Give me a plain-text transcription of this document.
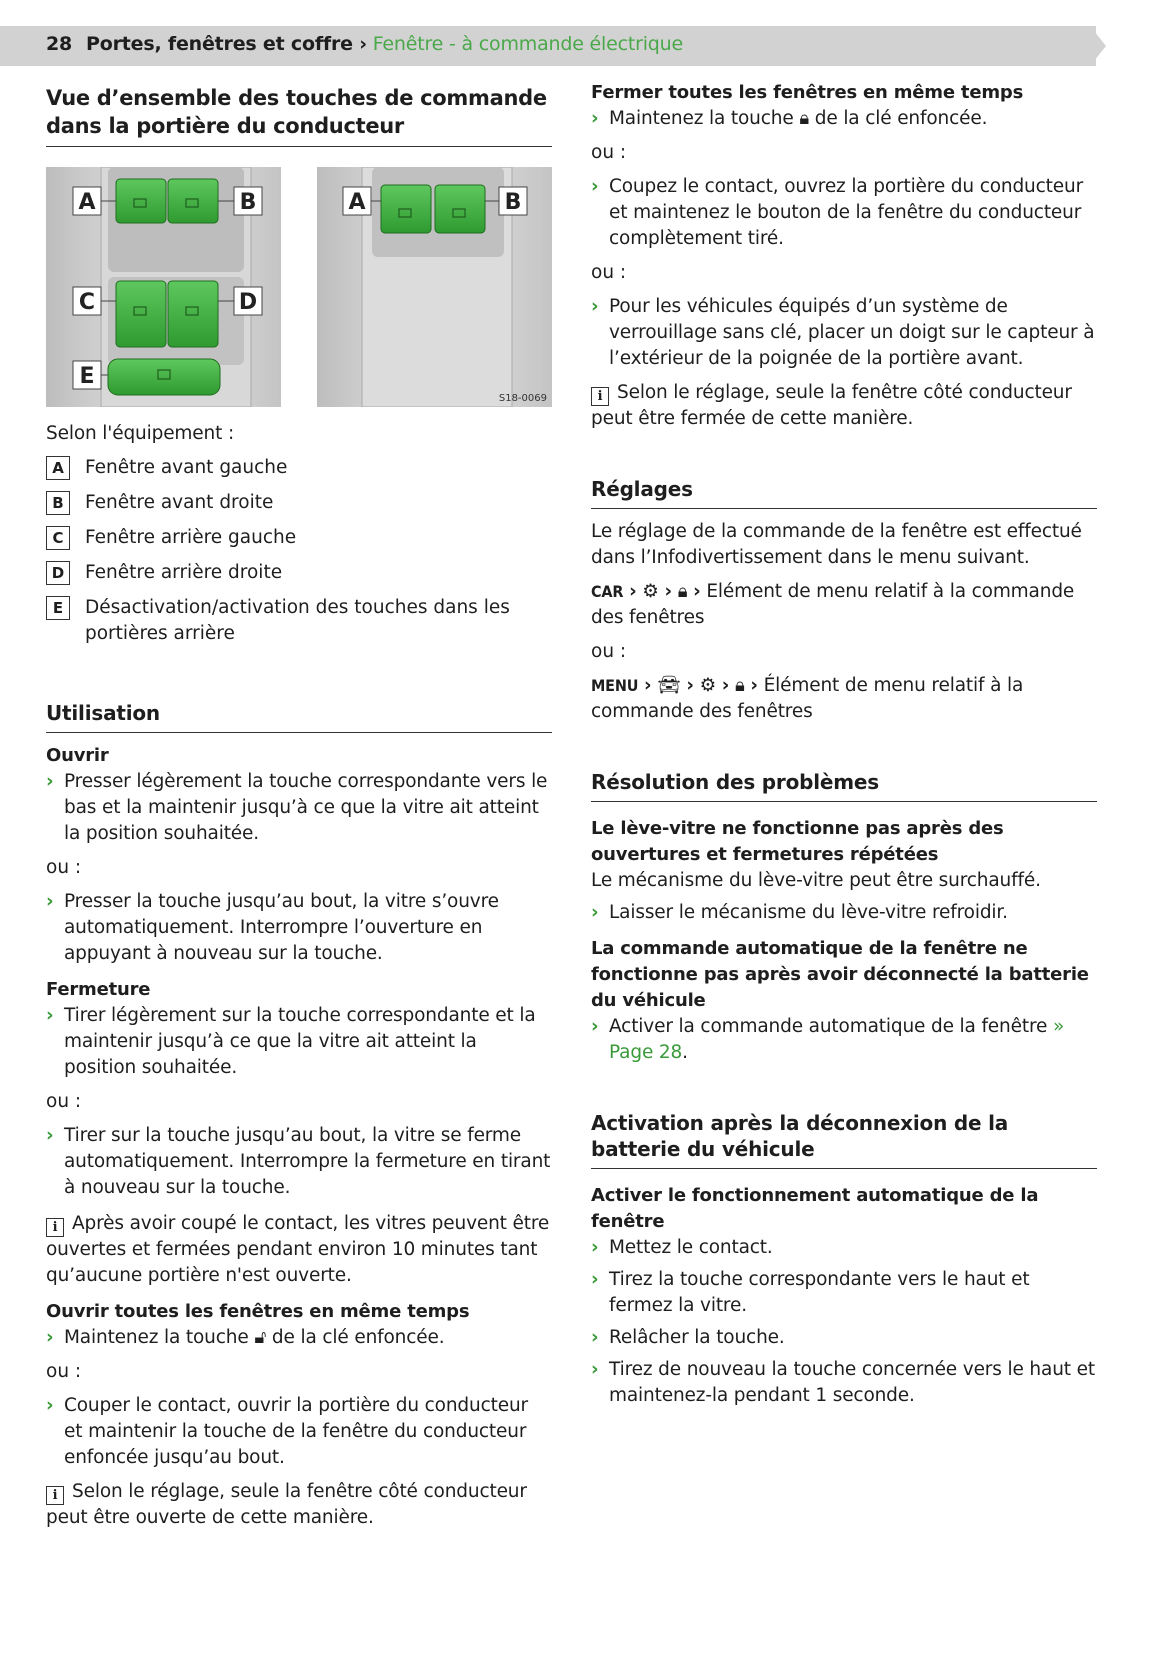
28 Portes, fenêtres et coffre › Fenêtre - à commande électrique
Vue d’ensemble des touches de commande dans la portière du conducteur
A	B
C	D
E
A	B
S18-0069

Selon l'équipement :

A	Fenêtre avant gauche
B	Fenêtre avant droite
C	Fenêtre arrière gauche
D	Fenêtre arrière droite
E	Désactivation/activation des touches dans les portières arrière
Utilisation
Ouvrir
› Presser légèrement la touche correspondante vers le bas et la maintenir jusqu’à ce que la vitre ait atteint la position souhaitée.
ou :
› Presser la touche jusqu’au bout, la vitre s’ouvre automatiquement. Interrompre l’ouverture en appuyant à nouveau sur la touche.
Fermeture
› Tirer légèrement sur la touche correspondante et la maintenir jusqu’à ce que la vitre ait atteint la position souhaitée.
ou :
› Tirer sur la touche jusqu’au bout, la vitre se ferme automatiquement. Interrompre la fermeture en tirant à nouveau sur la touche.
i Après avoir coupé le contact, les vitres peuvent être ouvertes et fermées pendant environ 10 minutes tant qu’aucune portière n'est ouverte.
Ouvrir toutes les fenêtres en même temps
› Maintenez la touche 🔓︎ de la clé enfoncée.
ou :
› Couper le contact, ouvrir la portière du conducteur et maintenir la touche de la fenêtre du conducteur enfoncée jusqu’au bout.
i Selon le réglage, seule la fenêtre côté conducteur peut être ouverte de cette manière.
Fermer toutes les fenêtres en même temps
› Maintenez la touche 🔒︎ de la clé enfoncée.
ou :
› Coupez le contact, ouvrez la portière du conducteur et maintenez le bouton de la fenêtre du conducteur complètement tiré.
ou :
› Pour les véhicules équipés d’un système de verrouillage sans clé, placer un doigt sur le capteur à l’extérieur de la poignée de la portière avant.
i Selon le réglage, seule la fenêtre côté conducteur peut être fermée de cette manière.
Réglages

Le réglage de la commande de la fenêtre est effectué dans l’Infodivertissement dans le menu suivant.

CAR › ⚙ › 🔒︎ › Elément de menu relatif à la commande des fenêtres

ou :

MENU › 🚘︎ › ⚙ › 🔒︎ › Élément de menu relatif à la commande des fenêtres

Résolution des problèmes
Le lève-vitre ne fonctionne pas après des ouvertures et fermetures répétées

Le mécanisme du lève-vitre peut être surchauffé.

› Laisser le mécanisme du lève-vitre refroidir.
La commande automatique de la fenêtre ne fonctionne pas après avoir déconnecté la batterie du véhicule
› Activer la commande automatique de la fenêtre » Page 28.
Activation après la déconnexion de la batterie du véhicule
Activer le fonctionnement automatique de la fenêtre
› Mettez le contact.
› Tirez la touche correspondante vers le haut et fermez la vitre.
› Relâcher la touche.
› Tirez de nouveau la touche concernée vers le haut et maintenez-la pendant 1 seconde.
